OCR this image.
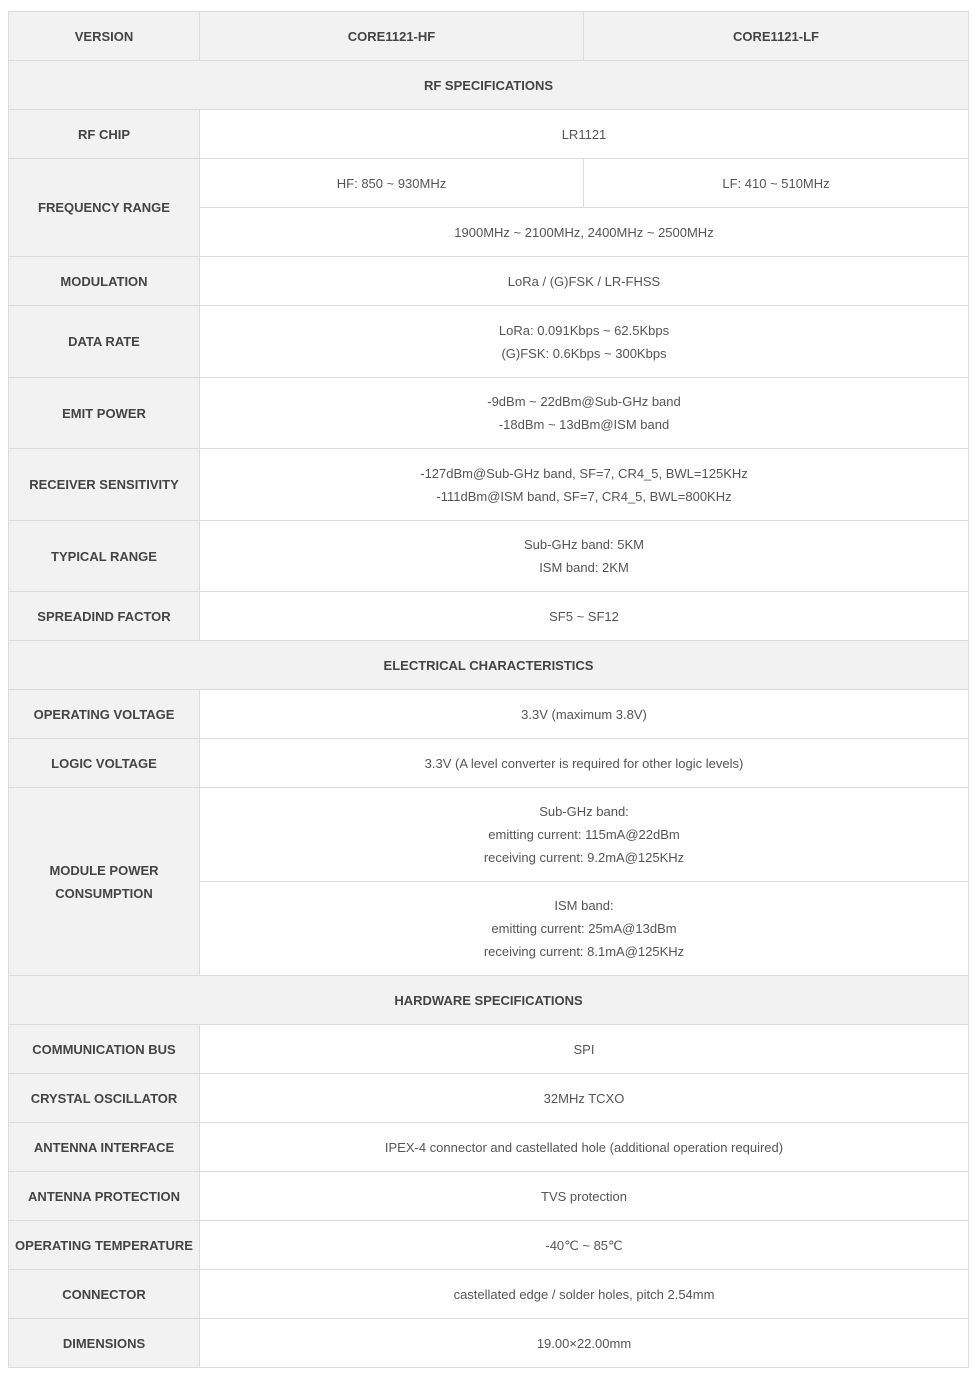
VERSION	CORE1121-HF	CORE1121-LF
RF SPECIFICATIONS		
RF CHIP	LR1121	
FREQUENCY RANGE	HF: 850 ~ 930MHz	LF: 410 ~ 510MHz
	1900MHz ~ 2100MHz, 2400MHz ~ 2500MHz	
MODULATION	LoRa / (G)FSK / LR-FHSS	
DATA RATE	LoRa: 0.091Kbps ~ 62.5Kbps
(G)FSK: 0.6Kbps ~ 300Kbps	

EMIT POWER	-9dBm ~ 22dBm@Sub-GHz band
-18dBm ~ 13dBm@ISM band	

RECEIVER SENSITIVITY	-127dBm@Sub-GHz band, SF=7, CR4_5, BWL=125KHz
-111dBm@ISM band, SF=7, CR4_5, BWL=800KHz	

TYPICAL RANGE	Sub-GHz band: 5KM
ISM band: 2KM	

SPREADIND FACTOR	SF5 ~ SF12	
ELECTRICAL CHARACTERISTICS		
OPERATING VOLTAGE	3.3V (maximum 3.8V)	
LOGIC VOLTAGE	3.3V (A level converter is required for other logic levels)	

MODULE POWER
CONSUMPTION	Sub-GHz band:
emitting current: 115mA@22dBm
receiving current: 9.2mA@125KHz	

	ISM band:
emitting current: 25mA@13dBm
receiving current: 8.1mA@125KHz	

HARDWARE SPECIFICATIONS		
COMMUNICATION BUS	SPI	
CRYSTAL OSCILLATOR	32MHz TCXO	
ANTENNA INTERFACE	IPEX-4 connector and castellated hole (additional operation required)	
ANTENNA PROTECTION	TVS protection	
OPERATING TEMPERATURE	-40℃ ~ 85℃	
CONNECTOR	castellated edge / solder holes, pitch 2.54mm	
DIMENSIONS	19.00×22.00mm	
